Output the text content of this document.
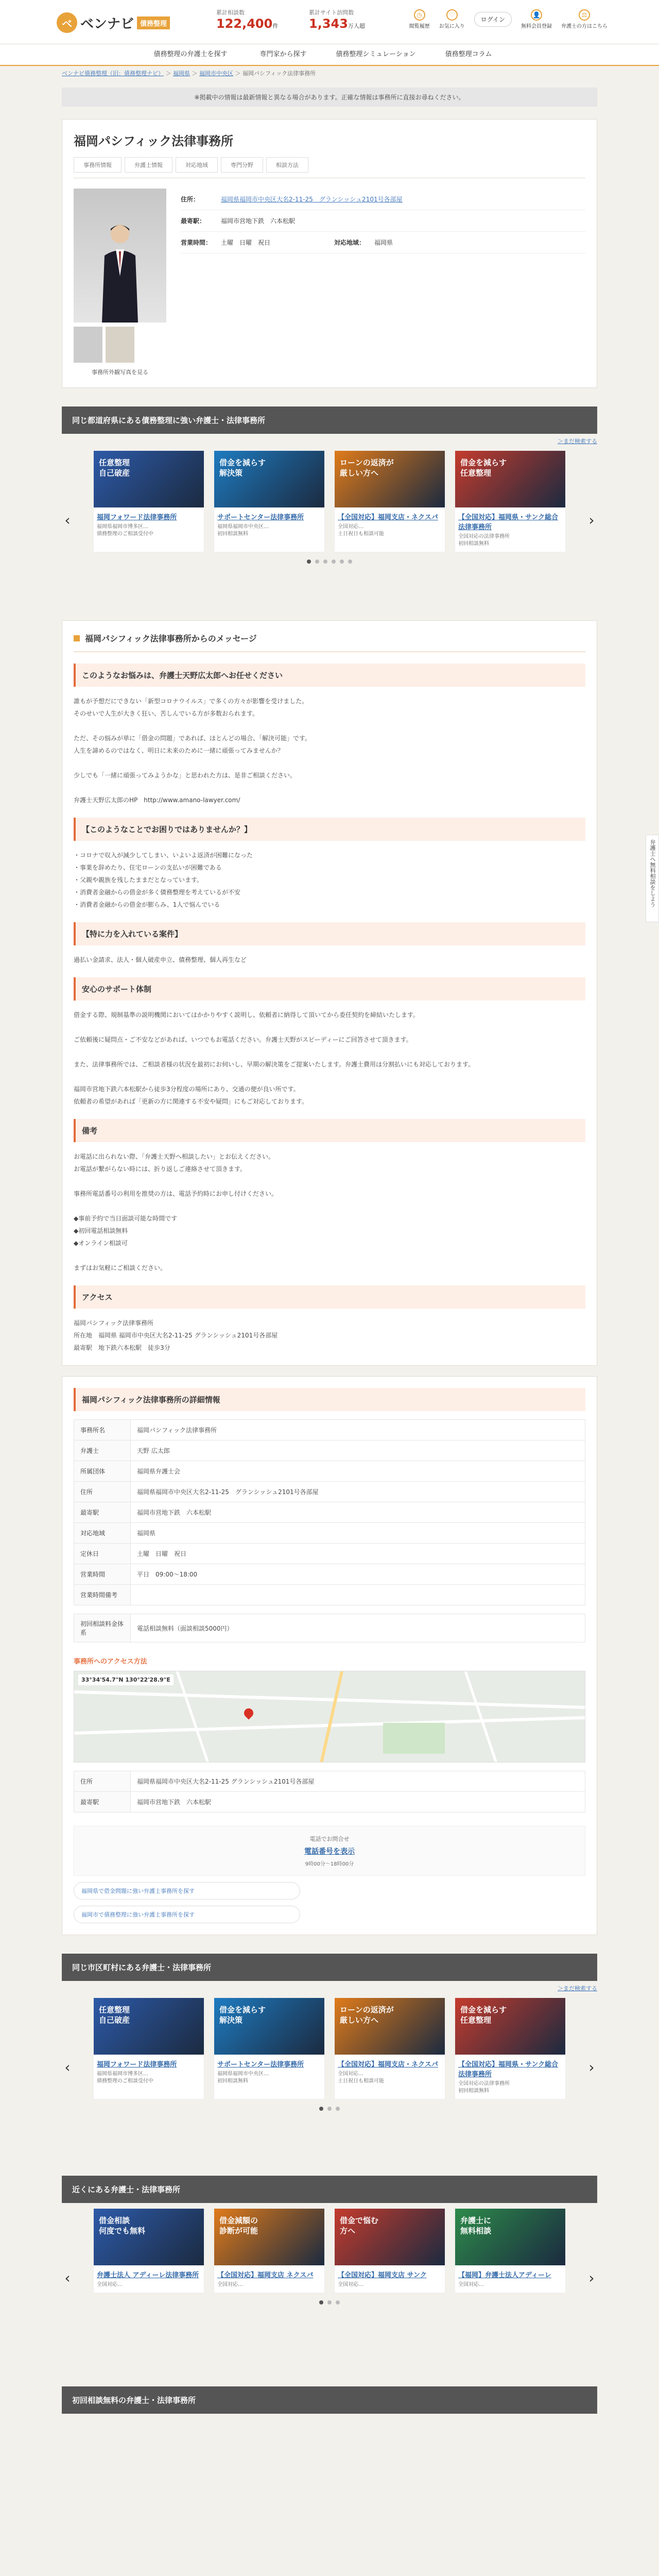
ベ ベンナビ 債務整理
累計相談数
122,400件
累計サイト訪問数
1,343万人超
◷
閲覧履歴
♡
お気に入り
ログイン
👤
無料会員登録
⚖
弁護士の方はこちら
債務整理の弁護士を探す	専門家から探す	債務整理シミュレーション	債務整理コラム
ベンナビ債務整理（旧：債務整理ナビ） ＞ 福岡県 ＞ 福岡市中央区 ＞ 福岡パシフィック法律事務所
※掲載中の情報は最新情報と異なる場合があります。正確な情報は事務所に直接お尋ねください。
福岡パシフィック法律事務所
事務所情報	弁護士情報	対応地域	専門分野	相談方法
事務所外観写真を見る
住所：	福岡県福岡市中央区大名2-11-25　グランシッシュ2101号各部屋
最寄駅：	福岡市営地下鉄　六本松駅
営業時間：	土曜　日曜　祝日	対応地域：	福岡県
同じ都道府県にある債務整理に強い弁護士・法律事務所
＞まだ検索する
‹
任意整理
自己破産
福岡フォワード法律事務所
福岡県福岡市博多区…
債務整理のご相談受付中
借金を減らす
解決策
サポートセンター法律事務所
福岡県福岡市中央区…
初回相談無料
ローンの返済が
厳しい方へ
【全国対応】福岡支店・ネクスパ
全国対応…
土日祝日も相談可能
借金を減らす
任意整理
【全国対応】福岡県・サンク総合法律事務所
全国対応の法律事務所
初回相談無料
›
福岡パシフィック法律事務所からのメッセージ
このようなお悩みは、弁護士天野広太郎へお任せください
誰もが予想だにできない「新型コロナウイルス」で多くの方々が影響を受けました。
そのせいで人生が大きく狂い、苦しんでいる方が多数おられます。

ただ、その悩みが単に「借金の問題」であれば、ほとんどの場合、「解決可能」です。
人生を諦めるのではなく、明日に未来のために一緒に頑張ってみませんか？

少しでも「一緒に頑張ってみようかな」と思われた方は、是非ご相談ください。

弁護士天野広太郎のHP　http://www.amano-lawyer.com/
【このようなことでお困りではありませんか？】
・コロナで収入が減少してしまい、いよいよ返済が困難になった
・事業を辞めたり、住宅ローンの支払いが困難である
・父親や親族を残したままだとなっています。
・消費者金融からの借金が多く債務整理を考えているが不安
・消費者金融からの借金が膨らみ、1人で悩んでいる
【特に力を入れている案件】
過払い金請求、法人・個人破産申立、債務整理、個人再生など
安心のサポート体制
借金する際、規制基準の説明機関においてはかかりやすく説明し、依頼者に納得して頂いてから委任契約を締結いたします。

ご依頼後に疑問点・ご不安などがあれば、いつでもお電話ください。弁護士天野がスピーディーにご回答させて頂きます。

また、法律事務所では、ご相談者様の状況を最初にお伺いし、早期の解決策をご提案いたします。弁護士費用は分割払いにも対応しております。

福岡市営地下鉄六本松駅から徒歩3分程度の場所にあり、交通の便が良い所です。
依頼者の希望があれば「更新の方に関連する不安や疑問」にもご対応しております。
備考
お電話に出られない際、「弁護士天野へ相談したい」とお伝えください。
お電話が繋がらない時には、折り返しご連絡させて頂きます。

事務所電話番号の利用を推奨の方は、電話予約時にお申し付けください。

◆事前予約で当日面談可能な時間です
◆初回電話相談無料
◆オンライン相談可

まずはお気軽にご相談ください。
アクセス
福岡パシフィック法律事務所
所在地　福岡県 福岡市中央区大名2-11-25 グランシッシュ2101号各部屋
最寄駅　地下鉄六本松駅　徒歩3分
福岡パシフィック法律事務所の詳細情報
事務所名	福岡パシフィック法律事務所
弁護士	天野 広太郎
所属団体	福岡県弁護士会
住所	福岡県福岡市中央区大名2-11-25　グランシッシュ2101号各部屋
最寄駅	福岡市営地下鉄　六本松駅
対応地域	福岡県
定休日	土曜　日曜　祝日
営業時間	平日　09:00〜18:00
営業時間備考	
初回相談料金体系	電話相談無料（面談相談5000円）
事務所へのアクセス方法
33°34'54.7"N 130°22'28.9"E
住所	福岡県福岡市中央区大名2-11-25 グランシッシュ2101号各部屋
最寄駅	福岡市営地下鉄　六本松駅
電話でお問合せ
電話番号を表示
9時00分～18時00分
福岡県で借金問題に強い弁護士事務所を探す
福岡市で債務整理に強い弁護士事務所を探す
同じ市区町村にある弁護士・法律事務所
＞まだ検索する
‹
任意整理
自己破産
福岡フォワード法律事務所
福岡県福岡市博多区…
債務整理のご相談受付中
借金を減らす
解決策
サポートセンター法律事務所
福岡県福岡市中央区…
初回相談無料
ローンの返済が
厳しい方へ
【全国対応】福岡支店・ネクスパ
全国対応…
土日祝日も相談可能
借金を減らす
任意整理
【全国対応】福岡県・サンク総合法律事務所
全国対応の法律事務所
初回相談無料
›
近くにある弁護士・法律事務所
‹
借金相談
何度でも無料
弁護士法人 アディーレ法律事務所
全国対応…
借金減額の
診断が可能
【全国対応】福岡支店 ネクスパ
全国対応…
借金で悩む
方へ
【全国対応】福岡支店 サンク
全国対応…
弁護士に
無料相談
【福岡】弁護士法人アディーレ
全国対応…	›
初回相談無料の弁護士・法律事務所
弁護士へ無料相談をしよう
